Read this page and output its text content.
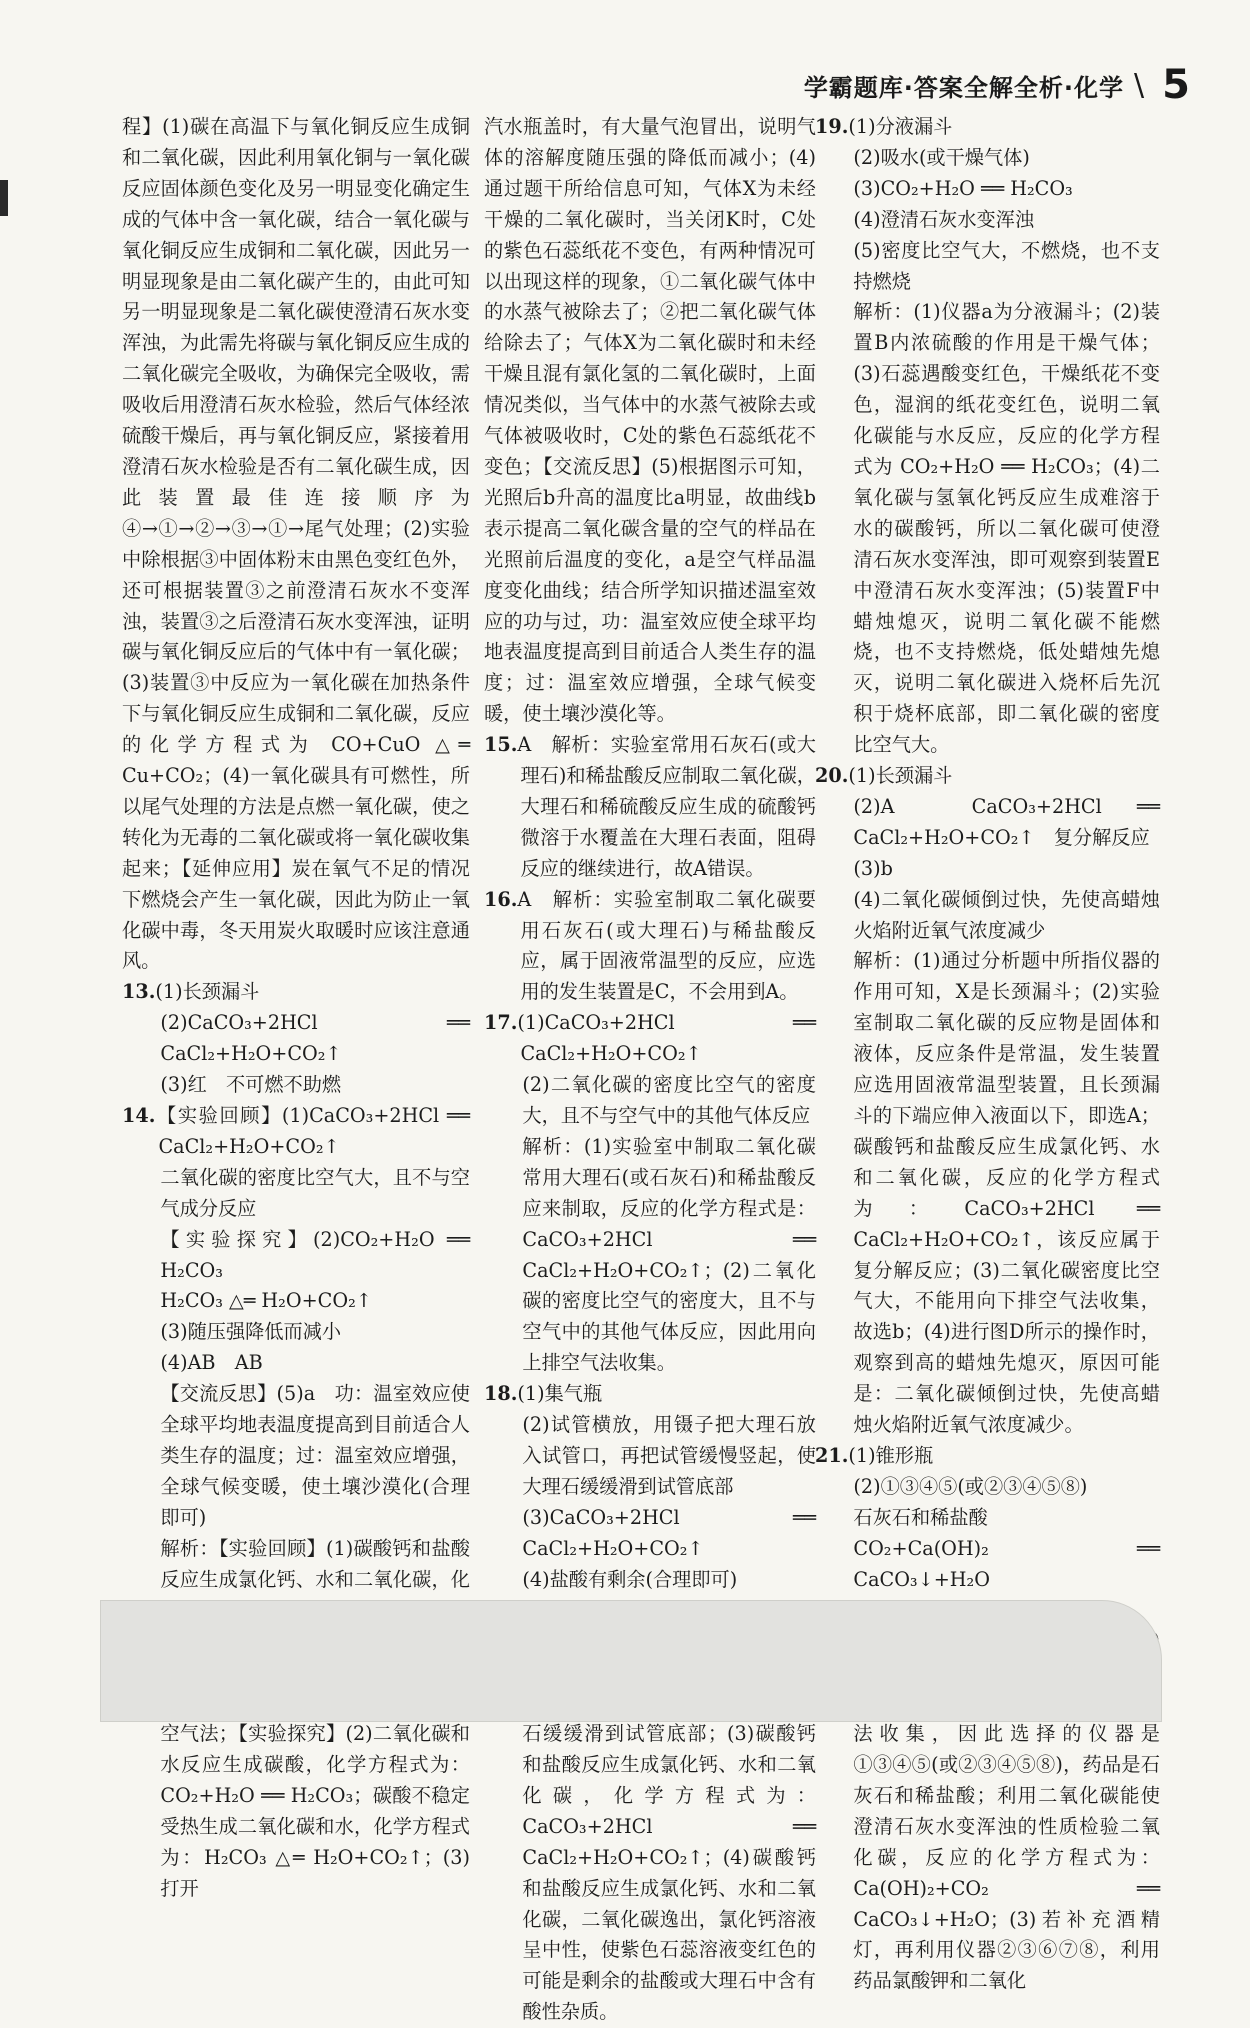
学霸题库·答案全解全析·化学 \ 5

程】(1)碳在高温下与氧化铜反应生成铜和二氧化碳，因此利用氧化铜与一氧化碳反应固体颜色变化及另一明显变化确定生成的气体中含一氧化碳，结合一氧化碳与氧化铜反应生成铜和二氧化碳，因此另一明显现象是由二氧化碳产生的，由此可知另一明显现象是二氧化碳使澄清石灰水变浑浊，为此需先将碳与氧化铜反应生成的二氧化碳完全吸收，为确保完全吸收，需吸收后用澄清石灰水检验，然后气体经浓硫酸干燥后，再与氧化铜反应，紧接着用澄清石灰水检验是否有二氧化碳生成，因此装置最佳连接顺序为④→①→②→③→①→尾气处理；(2)实验中除根据③中固体粉末由黑色变红色外，还可根据装置③之前澄清石灰水不变浑浊，装置③之后澄清石灰水变浑浊，证明碳与氧化铜反应后的气体中有一氧化碳；(3)装置③中反应为一氧化碳在加热条件下与氧化铜反应生成铜和二氧化碳，反应的化学方程式为 CO+CuO △═ Cu+CO₂；(4)一氧化碳具有可燃性，所以尾气处理的方法是点燃一氧化碳，使之转化为无毒的二氧化碳或将一氧化碳收集起来；【延伸应用】炭在氧气不足的情况下燃烧会产生一氧化碳，因此为防止一氧化碳中毒，冬天用炭火取暖时应该注意通风。

13.(1)长颈漏斗

(2)CaCO₃+2HCl ══ CaCl₂+H₂O+CO₂↑

(3)红　不可燃不助燃

14.【实验回顾】(1)CaCO₃+2HCl ══ CaCl₂+H₂O+CO₂↑

二氧化碳的密度比空气大，且不与空气成分反应

【实验探究】(2)CO₂+H₂O ══ H₂CO₃

H₂CO₃ △═ H₂O+CO₂↑

(3)随压强降低而减小

(4)AB　AB

【交流反思】(5)a　功：温室效应使全球平均地表温度提高到目前适合人类生存的温度；过：温室效应增强，全球气候变暖，使土壤沙漠化(合理即可)

解析：【实验回顾】(1)碳酸钙和盐酸反应生成氯化钙、水和二氧化碳，化 空气法；【实验探究】(2)二氧化碳和水反应生成碳酸，化学方程式为：CO₂+H₂O ══ H₂CO₃；碳酸不稳定受热生成二氧化碳和水，化学方程式为：H₂CO₃ △═ H₂O+CO₂↑；(3)打开

汽水瓶盖时，有大量气泡冒出，说明气体的溶解度随压强的降低而减小；(4)通过题干所给信息可知，气体X为未经干燥的二氧化碳时，当关闭K时，C处的紫色石蕊纸花不变色，有两种情况可以出现这样的现象，①二氧化碳气体中的水蒸气被除去了；②把二氧化碳气体给除去了；气体X为二氧化碳时和未经干燥且混有氯化氢的二氧化碳时，上面情况类似，当气体中的水蒸气被除去或气体被吸收时，C处的紫色石蕊纸花不变色；【交流反思】(5)根据图示可知，光照后b升高的温度比a明显，故曲线b表示提高二氧化碳含量的空气的样品在光照前后温度的变化，a是空气样品温度变化曲线；结合所学知识描述温室效应的功与过，功：温室效应使全球平均地表温度提高到目前适合人类生存的温度；过：温室效应增强，全球气候变暖，使土壤沙漠化等。

15.A　解析：实验室常用石灰石(或大理石)和稀盐酸反应制取二氧化碳，大理石和稀硫酸反应生成的硫酸钙微溶于水覆盖在大理石表面，阻碍反应的继续进行，故A错误。

16.A　解析：实验室制取二氧化碳要用石灰石(或大理石)与稀盐酸反应，属于固液常温型的反应，应选用的发生装置是C，不会用到A。

17.(1)CaCO₃+2HCl ══ CaCl₂+H₂O+CO₂↑

(2)二氧化碳的密度比空气的密度大，且不与空气中的其他气体反应

解析：(1)实验室中制取二氧化碳常用大理石(或石灰石)和稀盐酸反应来制取，反应的化学方程式是：CaCO₃+2HCl ══ CaCl₂+H₂O+CO₂↑；(2)二氧化碳的密度比空气的密度大，且不与空气中的其他气体反应，因此用向上排空气法收集。

18.(1)集气瓶

(2)试管横放，用镊子把大理石放入试管口，再把试管缓慢竖起，使大理石缓缓滑到试管底部

(3)CaCO₃+2HCl ══ CaCl₂+H₂O+CO₂↑

(4)盐酸有剩余(合理即可)

石缓缓滑到试管底部；(3)碳酸钙和盐酸反应生成氯化钙、水和二氧化碳，化学方程式为：CaCO₃+2HCl ══ CaCl₂+H₂O+CO₂↑；(4)碳酸钙和盐酸反应生成氯化钙、水和二氧化碳，二氧化碳逸出，氯化钙溶液呈中性，使紫色石蕊溶液变红色的可能是剩余的盐酸或大理石中含有酸性杂质。

19.(1)分液漏斗

(2)吸水(或干燥气体)

(3)CO₂+H₂O ══ H₂CO₃

(4)澄清石灰水变浑浊

(5)密度比空气大，不燃烧，也不支持燃烧

解析：(1)仪器a为分液漏斗；(2)装置B内浓硫酸的作用是干燥气体；(3)石蕊遇酸变红色，干燥纸花不变色，湿润的纸花变红色，说明二氧化碳能与水反应，反应的化学方程式为 CO₂+H₂O ══ H₂CO₃；(4)二氧化碳与氢氧化钙反应生成难溶于水的碳酸钙，所以二氧化碳可使澄清石灰水变浑浊，即可观察到装置E中澄清石灰水变浑浊；(5)装置F中蜡烛熄灭，说明二氧化碳不能燃烧，也不支持燃烧，低处蜡烛先熄灭，说明二氧化碳进入烧杯后先沉积于烧杯底部，即二氧化碳的密度比空气大。

20.(1)长颈漏斗

(2)A　CaCO₃+2HCl ══ CaCl₂+H₂O+CO₂↑　复分解反应

(3)b

(4)二氧化碳倾倒过快，先使高蜡烛火焰附近氧气浓度减少

解析：(1)通过分析题中所指仪器的作用可知，X是长颈漏斗；(2)实验室制取二氧化碳的反应物是固体和液体，反应条件是常温，发生装置应选用固液常温型装置，且长颈漏斗的下端应伸入液面以下，即选A；碳酸钙和盐酸反应生成氯化钙、水和二氧化碳，反应的化学方程式为：CaCO₃+2HCl ══ CaCl₂+H₂O+CO₂↑，该反应属于复分解反应；(3)二氧化碳密度比空气大，不能用向下排空气法收集，故选b；(4)进行图D所示的操作时，观察到高的蜡烛先熄灭，原因可能是：二氧化碳倾倒过快，先使高蜡烛火焰附近氧气浓度减少。

21.(1)锥形瓶

(2)①③④⑤(或②③④⑤⑧)

石灰石和稀盐酸

CO₂+Ca(OH)₂ ══ CaCO₃↓+H₂O

法收集，因此选择的仪器是①③④⑤(或②③④⑤⑧)，药品是石灰石和稀盐酸；利用二氧化碳能使澄清石灰水变浑浊的性质检验二氧化碳，反应的化学方程式为：Ca(OH)₂+CO₂ ══ CaCO₃↓+H₂O；(3)若补充酒精灯，再利用仪器②③⑥⑦⑧，利用药品氯酸钾和二氧化
